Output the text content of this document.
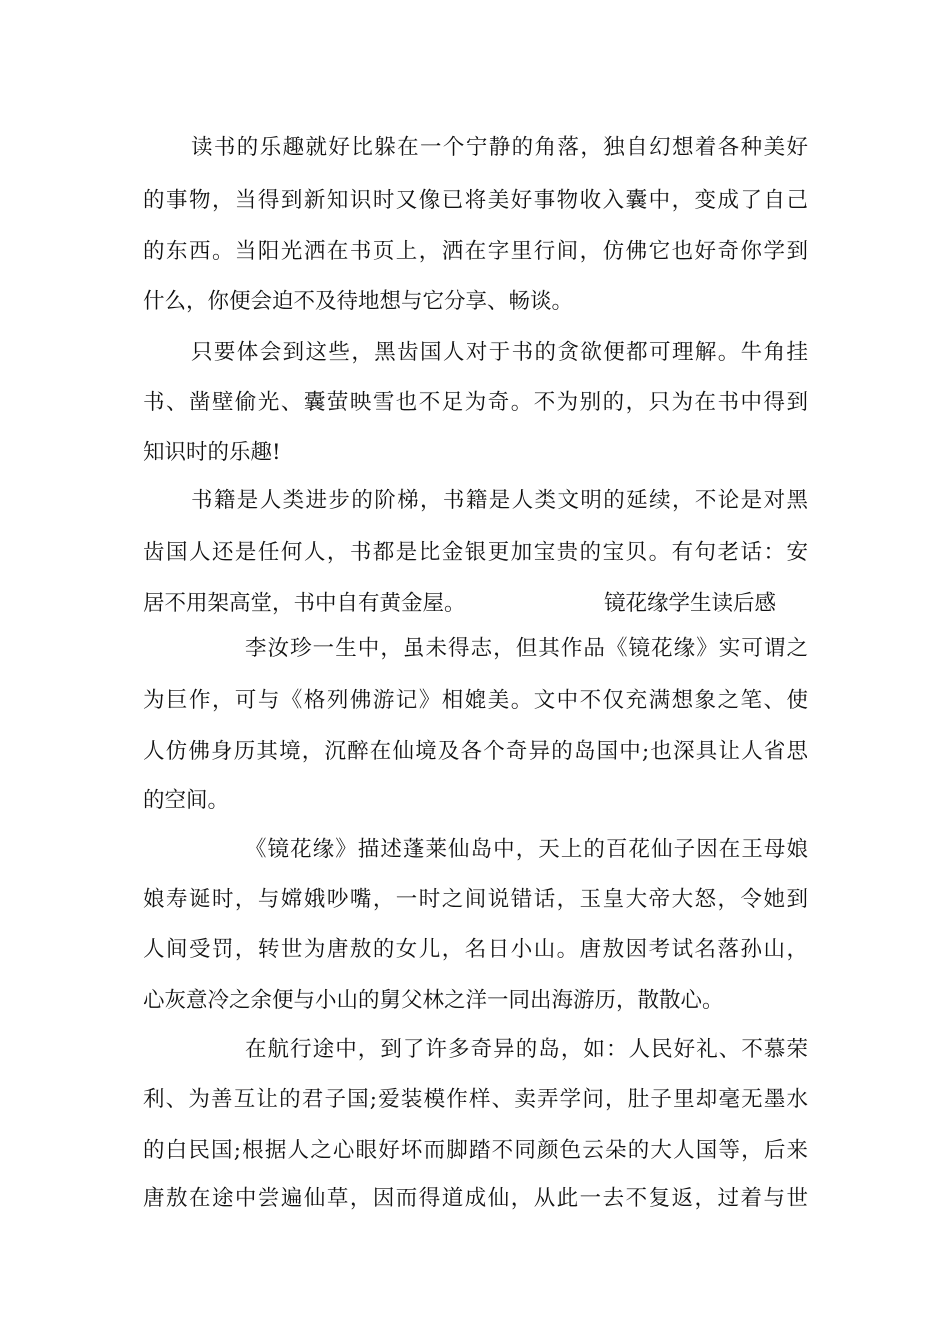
读书的乐趣就好比躲在一个宁静的角落，独自幻想着各种美好
的事物，当得到新知识时又像已将美好事物收入囊中，变成了自己
的东西。当阳光洒在书页上，洒在字里行间，仿佛它也好奇你学到
什么，你便会迫不及待地想与它分享、畅谈。
只要体会到这些，黑齿国人对于书的贪欲便都可理解。牛角挂
书、凿壁偷光、囊萤映雪也不足为奇。不为别的，只为在书中得到
知识时的乐趣!
书籍是人类进步的阶梯，书籍是人类文明的延续，不论是对黑
齿国人还是任何人，书都是比金银更加宝贵的宝贝。有句老话：安
居不用架高堂，书中自有黄金屋。	镜花缘学生读后感
李汝珍一生中，虽未得志，但其作品《镜花缘》实可谓之
为巨作，可与《格列佛游记》相媲美。文中不仅充满想象之笔、使
人仿佛身历其境，沉醉在仙境及各个奇异的岛国中;也深具让人省思
的空间。
《镜花缘》描述蓬莱仙岛中，天上的百花仙子因在王母娘
娘寿诞时，与嫦娥吵嘴，一时之间说错话，玉皇大帝大怒，令她到
人间受罚，转世为唐敖的女儿，名日小山。唐敖因考试名落孙山，
心灰意冷之余便与小山的舅父林之洋一同出海游历，散散心。
在航行途中，到了许多奇异的岛，如：人民好礼、不慕荣
利、为善互让的君子国;爱装模作样、卖弄学问，肚子里却毫无墨水
的白民国;根据人之心眼好坏而脚踏不同颜色云朵的大人国等，后来
唐敖在途中尝遍仙草，因而得道成仙，从此一去不复返，过着与世
